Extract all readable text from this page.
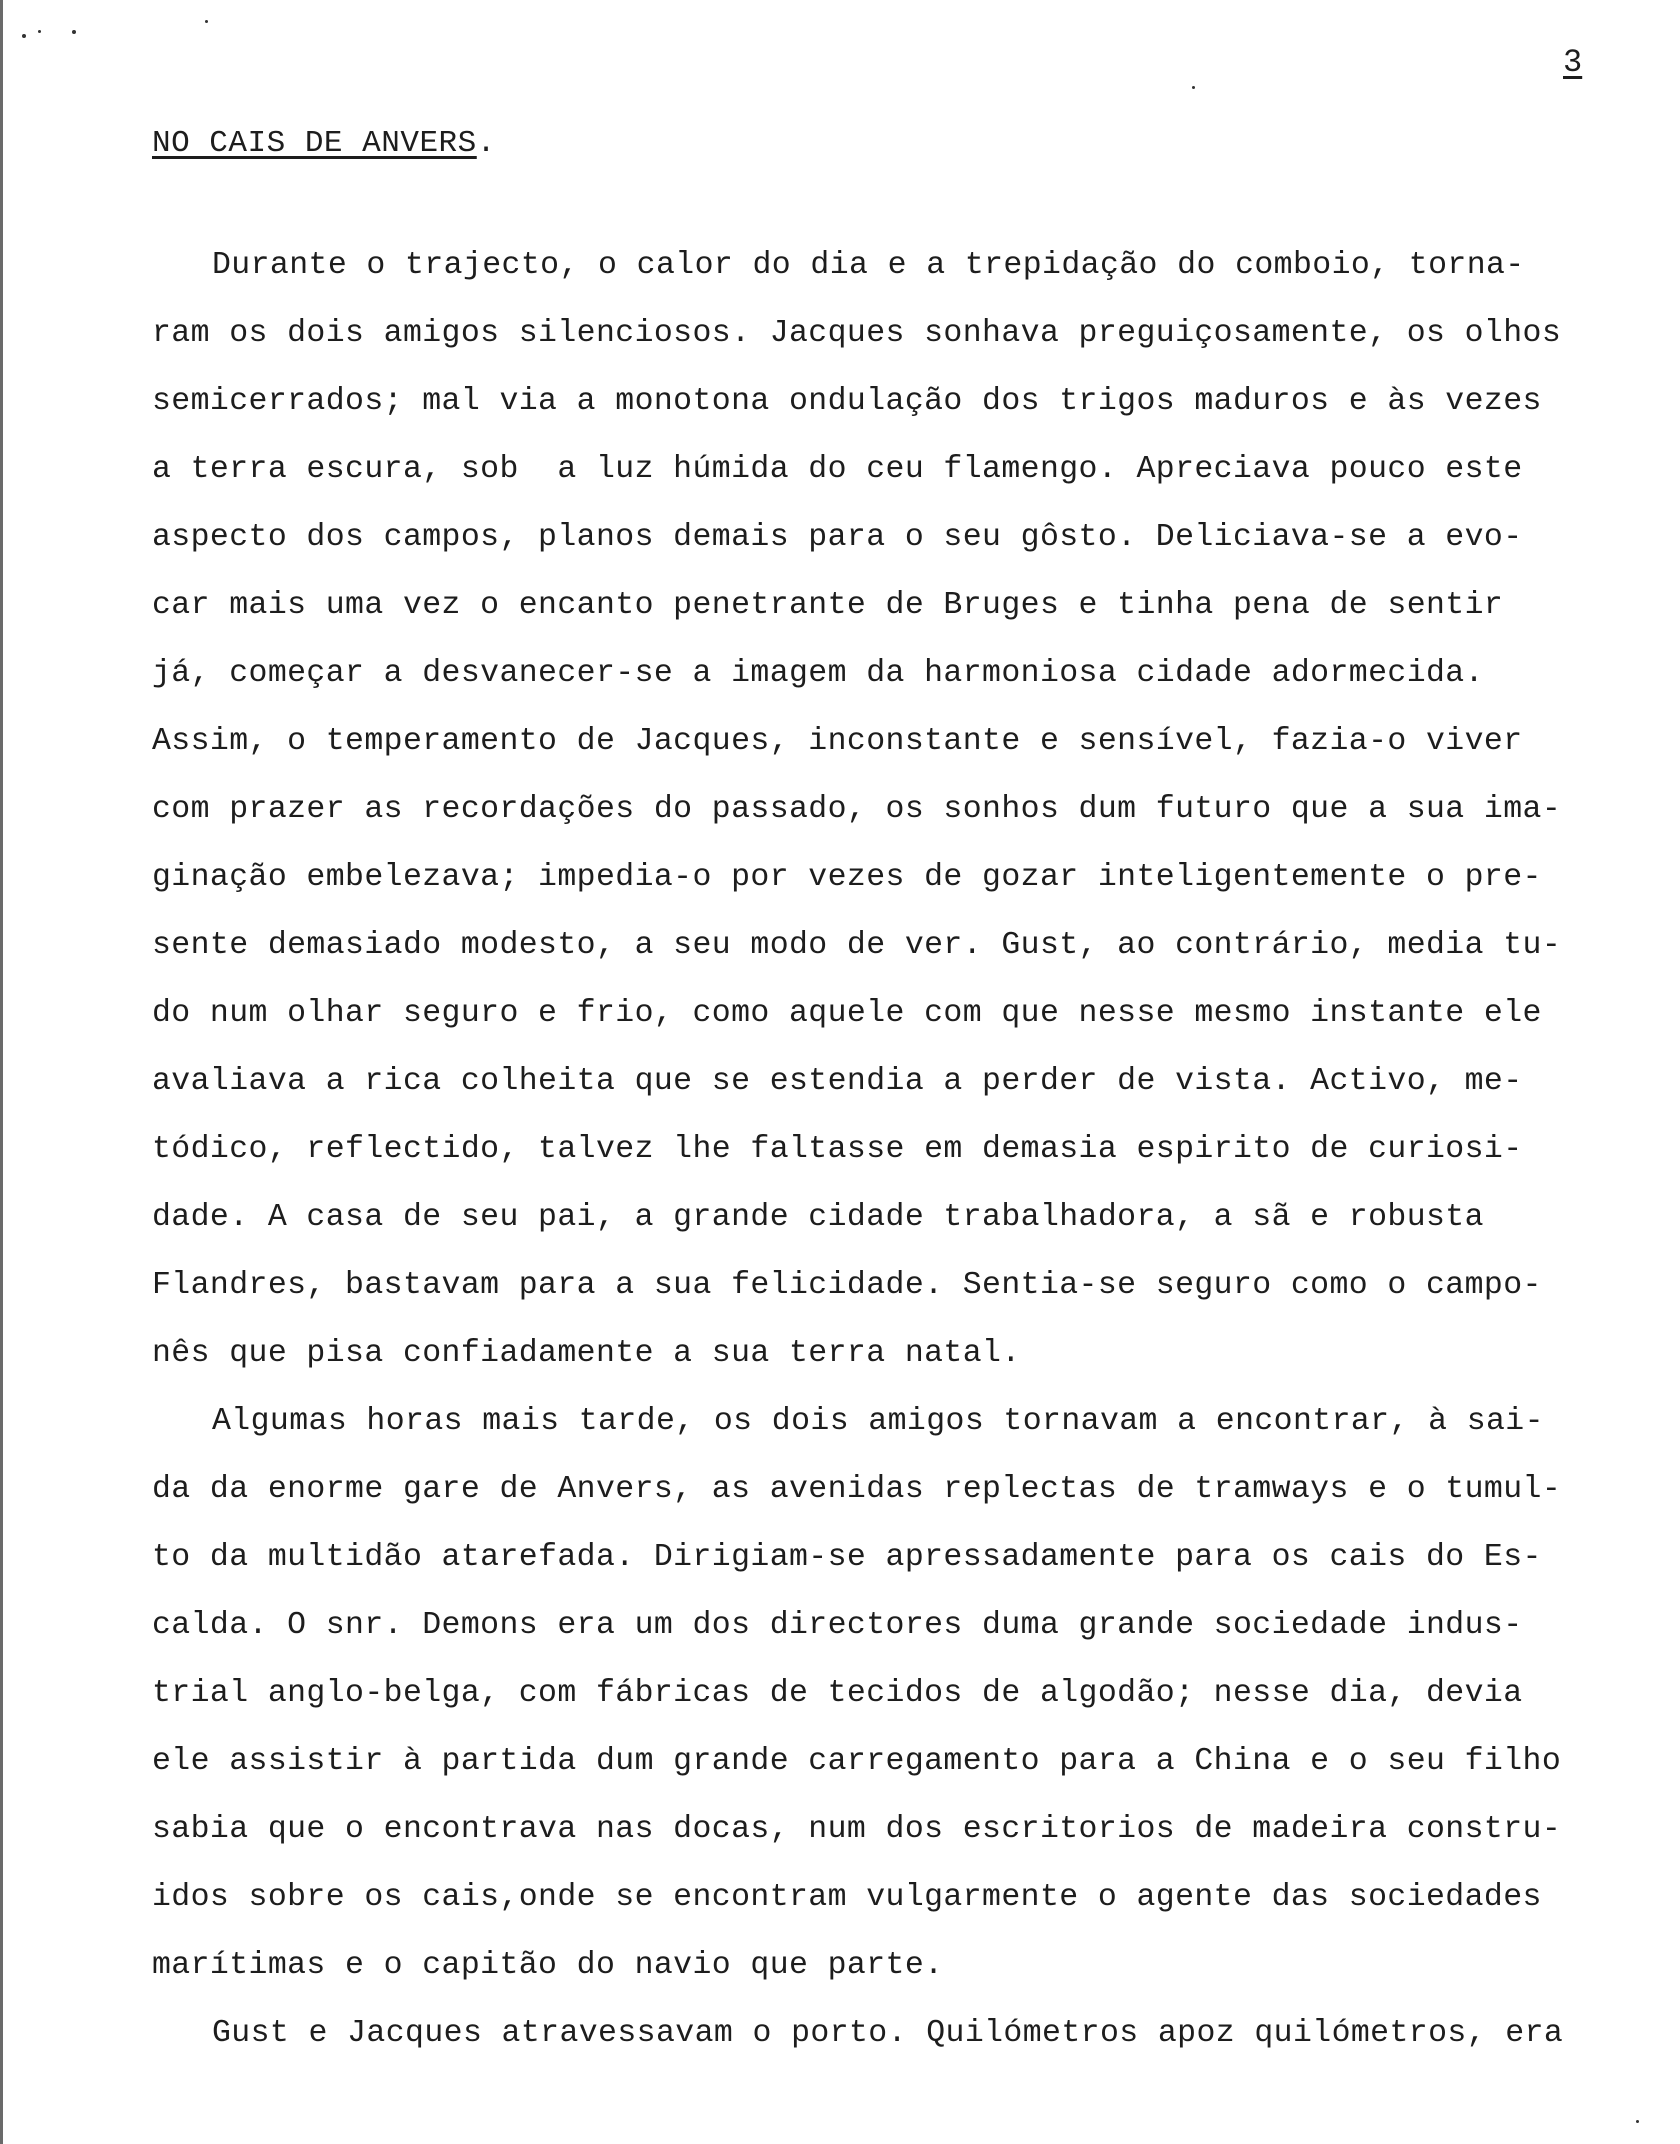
3
NO CAIS DE ANVERS.
Durante o trajecto, o calor do dia e a trepidação do comboio, torna-
ram os dois amigos silenciosos. Jacques sonhava preguiçosamente, os olhos
semicerrados; mal via a monotona ondulação dos trigos maduros e às vezes
a terra escura, sob  a luz húmida do ceu flamengo. Apreciava pouco este
aspecto dos campos, planos demais para o seu gôsto. Deliciava-se a evo-
car mais uma vez o encanto penetrante de Bruges e tinha pena de sentir
já, começar a desvanecer-se a imagem da harmoniosa cidade adormecida.
Assim, o temperamento de Jacques, inconstante e sensível, fazia-o viver
com prazer as recordações do passado, os sonhos dum futuro que a sua ima-
ginação embelezava; impedia-o por vezes de gozar inteligentemente o pre-
sente demasiado modesto, a seu modo de ver. Gust, ao contrário, media tu-
do num olhar seguro e frio, como aquele com que nesse mesmo instante ele
avaliava a rica colheita que se estendia a perder de vista. Activo, me-
tódico, reflectido, talvez lhe faltasse em demasia espirito de curiosi-
dade. A casa de seu pai, a grande cidade trabalhadora, a sã e robusta
Flandres, bastavam para a sua felicidade. Sentia-se seguro como o campo-
nês que pisa confiadamente a sua terra natal.
Algumas horas mais tarde, os dois amigos tornavam a encontrar, à sai-
da da enorme gare de Anvers, as avenidas replectas de tramways e o tumul-
to da multidão atarefada. Dirigiam-se apressadamente para os cais do Es-
calda. O snr. Demons era um dos directores duma grande sociedade indus-
trial anglo-belga, com fábricas de tecidos de algodão; nesse dia, devia
ele assistir à partida dum grande carregamento para a China e o seu filho
sabia que o encontrava nas docas, num dos escritorios de madeira constru-
idos sobre os cais,onde se encontram vulgarmente o agente das sociedades
marítimas e o capitão do navio que parte.
Gust e Jacques atravessavam o porto. Quilómetros apoz quilómetros, era
